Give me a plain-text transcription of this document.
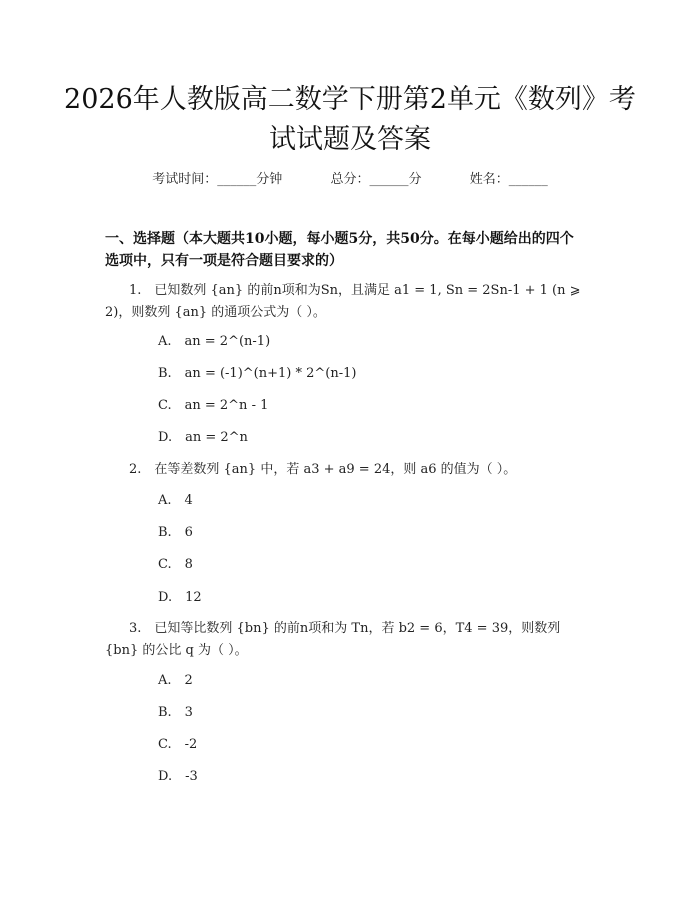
2026年人教版高二数学下册第2单元《数列》考试试题及答案
考试时间：______分钟	总分：______分	姓名：______
一、选择题（本大题共10小题，每小题5分，共50分。在每小题给出的四个选项中，只有一项是符合题目要求的）
1.　已知数列 {an} 的前n项和为Sn，且满足 a1 = 1, Sn = 2Sn-1 + 1 (n ⩾ 2)，则数列 {an} 的通项公式为（ ）。
A.　an = 2^(n-1)
B.　an = (-1)^(n+1) * 2^(n-1)
C.　an = 2^n - 1
D.　an = 2^n
2.　在等差数列 {an} 中，若 a3 + a9 = 24，则 a6 的值为（ ）。
A.　4
B.　6
C.　8
D.　12
3.　已知等比数列 {bn} 的前n项和为 Tn，若 b2 = 6，T4 = 39，则数列 {bn} 的公比 q 为（ ）。
A.　2
B.　3
C.　-2
D.　-3
